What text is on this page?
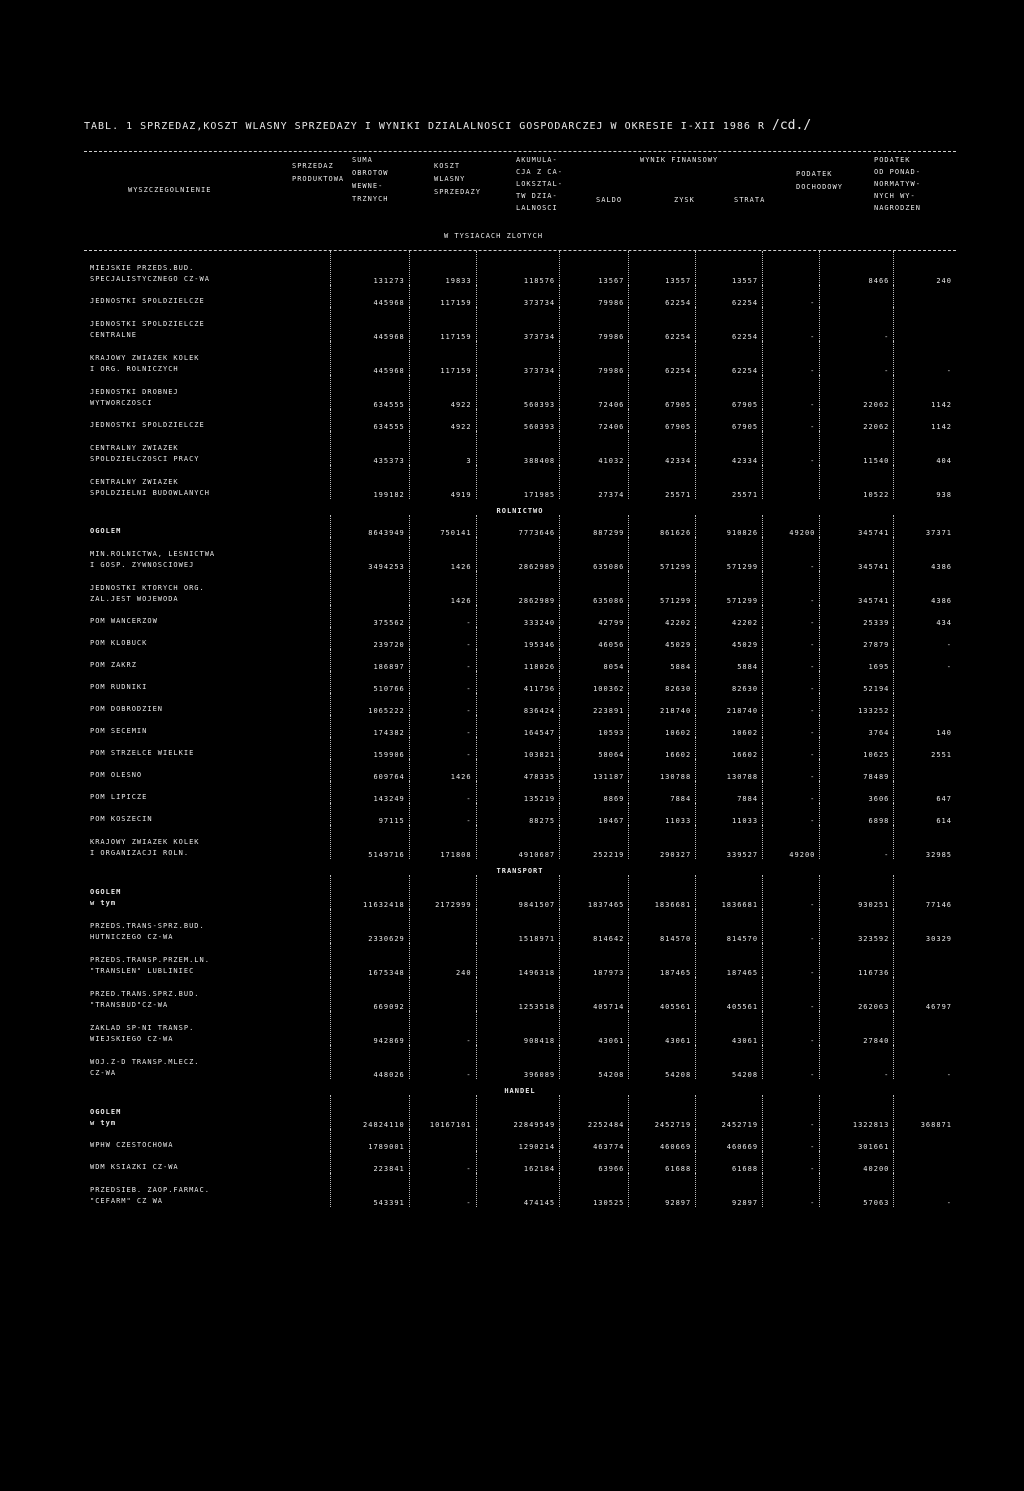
TABL. 1 SPRZEDAZ,KOSZT WLASNY SPRZEDAZY I WYNIKI DZIALALNOSCI GOSPODARCZEJ W OKRESIE I-XII 1986 R /cd./
WYSZCZEGOLNIENIE
SPRZEDAZ
PRODUKTOWA
SUMA
OBROTOW
WEWNE-
TRZNYCH
KOSZT
WLASNY
SPRZEDAZY
AKUMULA-
CJA Z CA-
LOKSZTAL-
TW DZIA-
LALNOSCI
WYNIK FINANSOWY
SALDO	ZYSK	STRATA
PODATEK
DOCHODOWY
PODATEK
OD PONAD-
NORMATYW-
NYCH WY-
NAGRODZEN
W TYSIACACH ZLOTYCH
MIEJSKIE PRZEDS.BUD.
SPECJALISTYCZNEGO CZ-WA	131273	19833	118576	13567	13557	13557		8466	240
JEDNOSTKI SPOLDZIELCZE	445968	117159	373734	79986	62254	62254	-		
JEDNOSTKI SPOLDZIELCZE
CENTRALNE	445968	117159	373734	79986	62254	62254	-	-	
KRAJOWY ZWIAZEK KOLEK
I ORG. ROLNICZYCH	445968	117159	373734	79986	62254	62254	-	-	-
JEDNOSTKI DROBNEJ
WYTWORCZOSCI	634555	4922	560393	72406	67905	67905	-	22062	1142
JEDNOSTKI SPOLDZIELCZE	634555	4922	560393	72406	67905	67905	-	22062	1142
CENTRALNY ZWIAZEK
SPOLDZIELCZOSCI PRACY	435373	3	388408	41032	42334	42334	-	11540	404
CENTRALNY ZWIAZEK
SPOLDZIELNI BUDOWLANYCH	199182	4919	171985	27374	25571	25571		10522	938
ROLNICTWO									
OGOLEM	8643949	750141	7773646	887299	861626	910826	49200	345741	37371
MIN.ROLNICTWA, LESNICTWA
I GOSP. ZYWNOSCIOWEJ	3494253	1426	2862989	635086	571299	571299	-	345741	4386
JEDNOSTKI KTORYCH ORG.
ZAL.JEST WOJEWODA		1426	2862989	635086	571299	571299	-	345741	4386
POM WANCERZOW	375562	-	333240	42799	42202	42202	-	25339	434
POM KLOBUCK	239720	-	195346	46056	45029	45029	-	27879	-
POM ZAKRZ	186897	-	118026	8054	5884	5884	-	1695	-
POM RUDNIKI	510766	-	411756	100362	82630	82630	-	52194	
POM DOBRODZIEN	1065222	-	836424	223891	218740	218740	-	133252	
POM SECEMIN	174382	-	164547	10593	10602	10602	-	3764	140
POM STRZELCE WIELKIE	159906	-	103821	58064	16602	16602	-	10625	2551
POM OLESNO	609764	1426	478335	131187	130788	130788	-	78489	
POM LIPICZE	143249	-	135219	8869	7884	7884	-	3606	647
POM KOSZECIN	97115	-	88275	10467	11033	11033	-	6898	614
KRAJOWY ZWIAZEK KOLEK
I ORGANIZACJI ROLN.	5149716	171808	4910687	252219	290327	339527	49200	-	32985
TRANSPORT									
OGOLEM
w tym	11632418	2172999	9841507	1837465	1836681	1836681	-	930251	77146
PRZEDS.TRANS-SPRZ.BUD.
HUTNICZEGO CZ-WA	2330629		1518971	814642	814570	814570	-	323592	30329
PRZEDS.TRANSP.PRZEM.LN.
"TRANSLEN" LUBLINIEC	1675348	240	1496318	187973	187465	187465	-	116736	
PRZED.TRANS.SPRZ.BUD.
"TRANSBUD"CZ-WA	669092		1253518	405714	405561	405561	-	262063	46797
ZAKLAD SP-NI TRANSP.
WIEJSKIEGO CZ-WA	942869	-	908418	43061	43061	43061	-	27840	
WOJ.Z-D TRANSP.MLECZ.
CZ-WA	448026	-	396089	54208	54208	54208	-	-	-
HANDEL									
OGOLEM
w tym	24824110	10167101	22849549	2252484	2452719	2452719	-	1322813	368871
WPHW CZESTOCHOWA	1789001		1290214	463774	460669	460669	-	301661	
WDM KSIAZKI CZ-WA	223841	-	162184	63966	61688	61688	-	40200	
PRZEDSIEB. ZAOP.FARMAC.
"CEFARM" CZ WA	543391	-	474145	130525	92897	92897	-	57063	-
